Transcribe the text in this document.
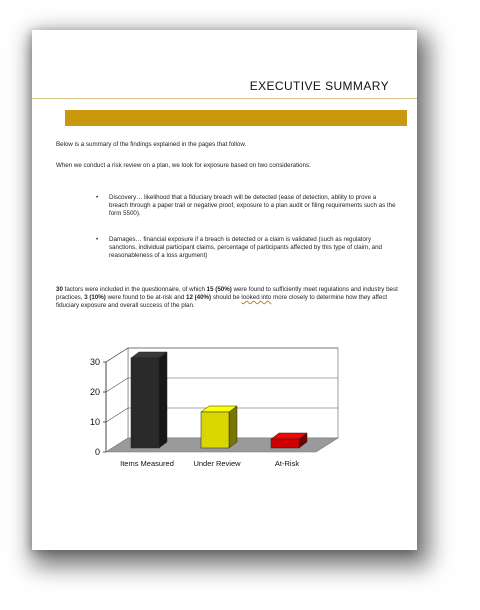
EXECUTIVE SUMMARY
Below is a summary of the findings explained in the pages that follow.
When we conduct a risk review on a plan, we look for exposure based on two considerations:
• Discovery… likelihood that a fiduciary breach will be detected (ease of detection, ability to prove a breach through a paper trail or negative proof, exposure to a plan audit or filing requirements such as the form 5500).
• Damages… financial exposure if a breach is detected or a claim is validated (such as regulatory sanctions, individual participant claims, percentage of participants affected by this type of claim, and reasonableness of a loss argument)
30 factors were included in the questionnaire, of which 15 (50%) were found to sufficiently meet regulations and industry best practices, 3 (10%) were found to be at-risk and 12 (40%) should be looked into more closely to determine how they affect fiduciary exposure and overall success of the plan.
0
10
20
30
Items Measured	Under Review	At-Risk
